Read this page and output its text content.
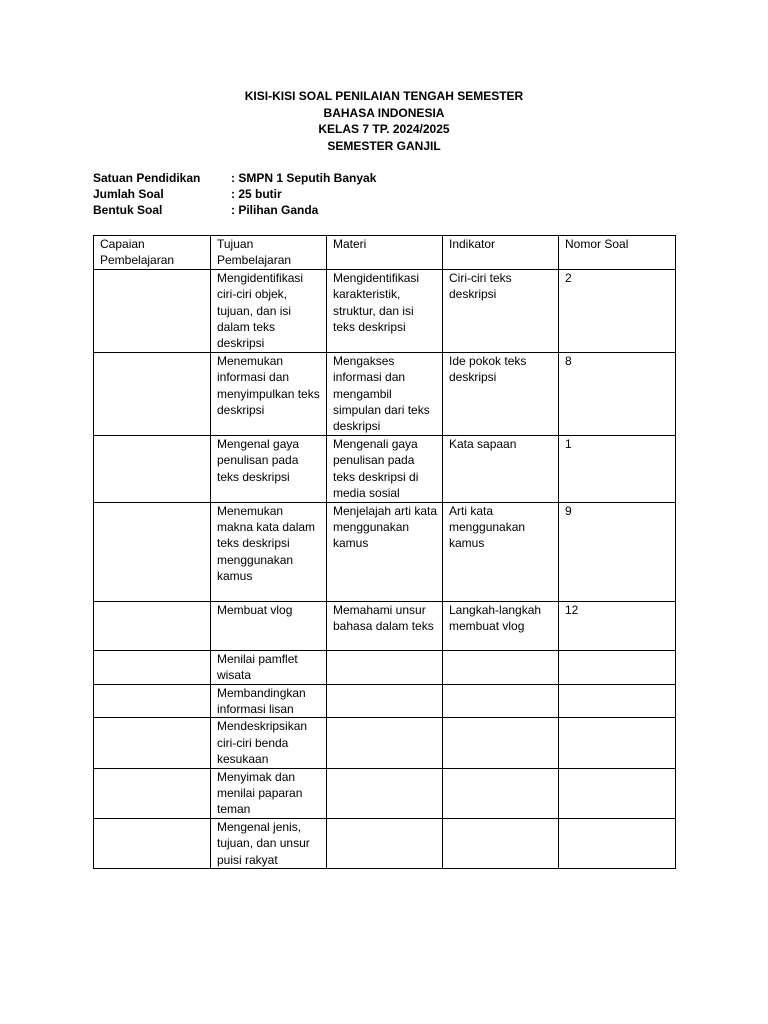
KISI-KISI SOAL PENILAIAN TENGAH SEMESTER
BAHASA INDONESIA
KELAS 7 TP. 2024/2025
SEMESTER GANJIL
Satuan Pendidikan	: SMPN 1 Seputih Banyak
Jumlah Soal	: 25 butir
Bentuk Soal	: Pilihan Ganda
Capaian Pembelajaran	Tujuan Pembelajaran	Materi	Indikator	Nomor Soal
	Mengidentifikasi ciri-ciri objek, tujuan, dan isi dalam teks deskripsi	Mengidentifikasi karakteristik, struktur, dan isi teks deskripsi	Ciri-ciri teks deskripsi	2
	Menemukan informasi dan menyimpulkan teks deskripsi	Mengakses informasi dan mengambil simpulan dari teks deskripsi	Ide pokok teks deskripsi	8
	Mengenal gaya penulisan pada teks deskripsi	Mengenali gaya penulisan pada teks deskripsi di media sosial	Kata sapaan	1
	Menemukan makna kata dalam teks deskripsi menggunakan kamus	Menjelajah arti kata menggunakan kamus	Arti kata menggunakan kamus	9
	Membuat vlog	Memahami unsur bahasa dalam teks	Langkah-langkah membuat vlog	12
	Menilai pamflet wisata			
	Membandingkan informasi lisan			
	Mendeskripsikan ciri-ciri benda kesukaan			
	Menyimak dan menilai paparan teman			
	Mengenal jenis, tujuan, dan unsur puisi rakyat			
